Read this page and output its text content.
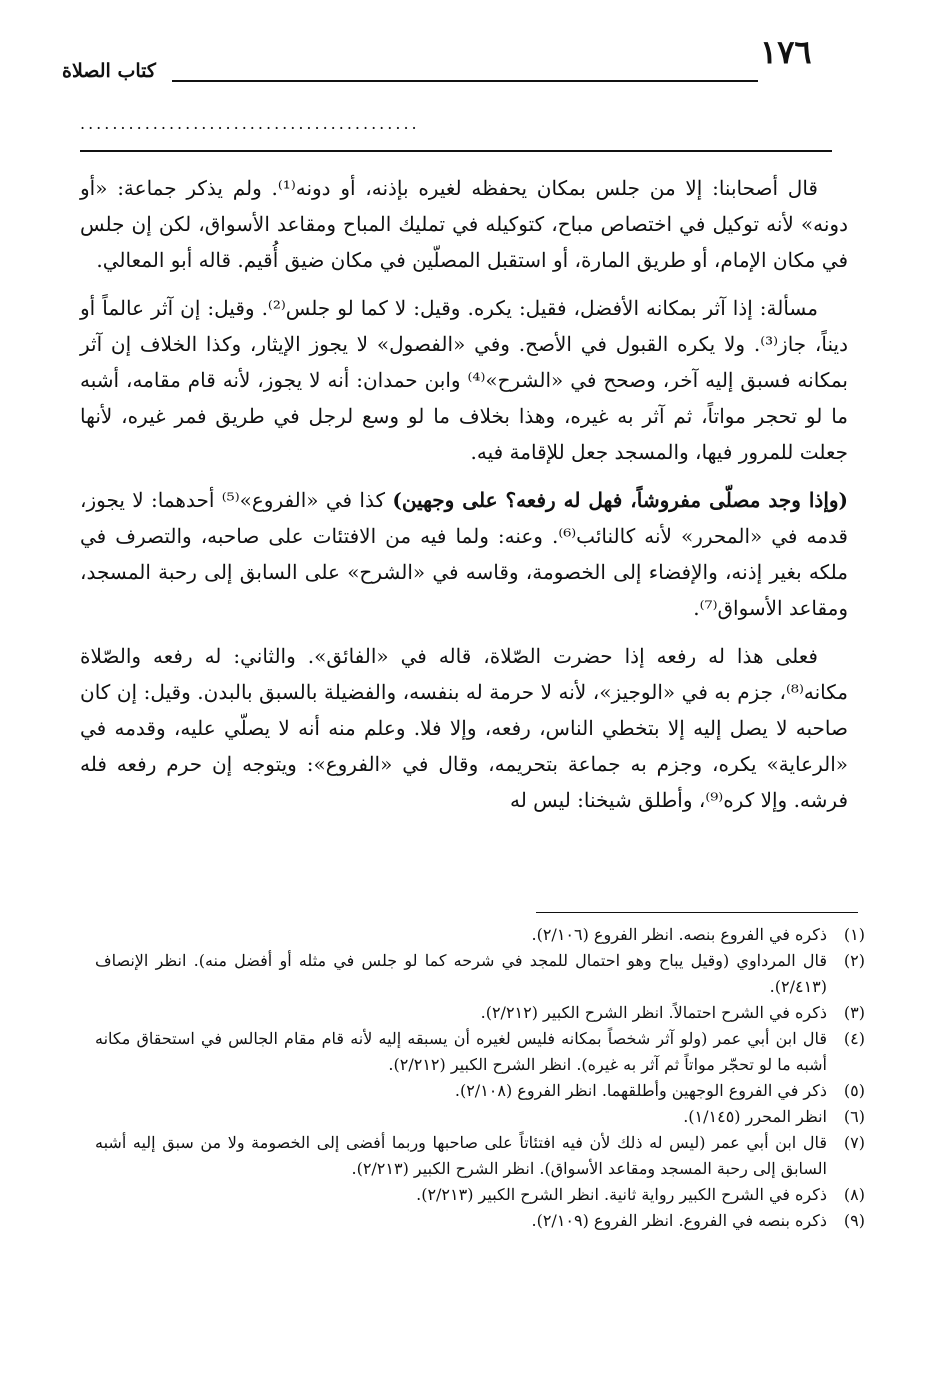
١٧٦
كتاب الصلاة
..........................................

قال أصحابنا: إلا من جلس بمكان يحفظه لغيره بإذنه، أو دونه⁽¹⁾. ولم يذكر جماعة: «أو دونه» لأنه توكيل في اختصاص مباح، كتوكيله في تمليك المباح ومقاعد الأسواق، لكن إن جلس في مكان الإمام، أو طريق المارة، أو استقبل المصلّين في مكان ضيق أُقيم. قاله أبو المعالي.

مسألة: إذا آثر بمكانه الأفضل، فقيل: يكره. وقيل: لا كما لو جلس⁽²⁾. وقيل: إن آثر عالماً أو ديناً، جاز⁽³⁾. ولا يكره القبول في الأصح. وفي «الفصول» لا يجوز الإيثار، وكذا الخلاف إن آثر بمكانه فسبق إليه آخر، وصحح في «الشرح»⁽⁴⁾ وابن حمدان: أنه لا يجوز، لأنه قام مقامه، أشبه ما لو تحجر مواتاً، ثم آثر به غيره، وهذا بخلاف ما لو وسع لرجل في طريق فمر غيره، لأنها جعلت للمرور فيها، والمسجد جعل للإقامة فيه.

(وإذا وجد مصلّى مفروشاً، فهل له رفعه؟ على وجهين) كذا في «الفروع»⁽⁵⁾ أحدهما: لا يجوز، قدمه في «المحرر» لأنه كالنائب⁽⁶⁾. وعنه: ولما فيه من الافتئات على صاحبه، والتصرف في ملكه بغير إذنه، والإفضاء إلى الخصومة، وقاسه في «الشرح» على السابق إلى رحبة المسجد، ومقاعد الأسواق⁽⁷⁾.

فعلى هذا له رفعه إذا حضرت الصّلاة، قاله في «الفائق». والثاني: له رفعه والصّلاة مكانه⁽⁸⁾، جزم به في «الوجيز»، لأنه لا حرمة له بنفسه، والفضيلة بالسبق بالبدن. وقيل: إن كان صاحبه لا يصل إليه إلا بتخطي الناس، رفعه، وإلا فلا. وعلم منه أنه لا يصلّي عليه، وقدمه في «الرعاية» يكره، وجزم به جماعة بتحريمه، وقال في «الفروع»: ويتوجه إن حرم رفعه فله فرشه. وإلا كره⁽⁹⁾، وأطلق شيخنا: ليس له

(١)
ذكره في الفروع بنصه. انظر الفروع (٢/١٠٦).
(٢)
قال المرداوي (وقيل يباح وهو احتمال للمجد في شرحه كما لو جلس في مثله أو أفضل منه). انظر الإنصاف (٢/٤١٣).
(٣)
ذكره في الشرح احتمالاً. انظر الشرح الكبير (٢/٢١٢).
(٤)
قال ابن أبي عمر (ولو آثر شخصاً بمكانه فليس لغيره أن يسبقه إليه لأنه قام مقام الجالس في استحقاق مكانه أشبه ما لو تحجّر مواتاً ثم آثر به غيره). انظر الشرح الكبير (٢/٢١٢).
(٥)
ذكر في الفروع الوجهين وأطلقهما. انظر الفروع (٢/١٠٨).
(٦)
انظر المحرر (١/١٤٥).
(٧)
قال ابن أبي عمر (ليس له ذلك لأن فيه افتئاتاً على صاحبها وربما أفضى إلى الخصومة ولا من سبق إليه أشبه السابق إلى رحبة المسجد ومقاعد الأسواق). انظر الشرح الكبير (٢/٢١٣).
(٨)
ذكره في الشرح الكبير رواية ثانية. انظر الشرح الكبير (٢/٢١٣).
(٩)
ذكره بنصه في الفروع. انظر الفروع (٢/١٠٩).
